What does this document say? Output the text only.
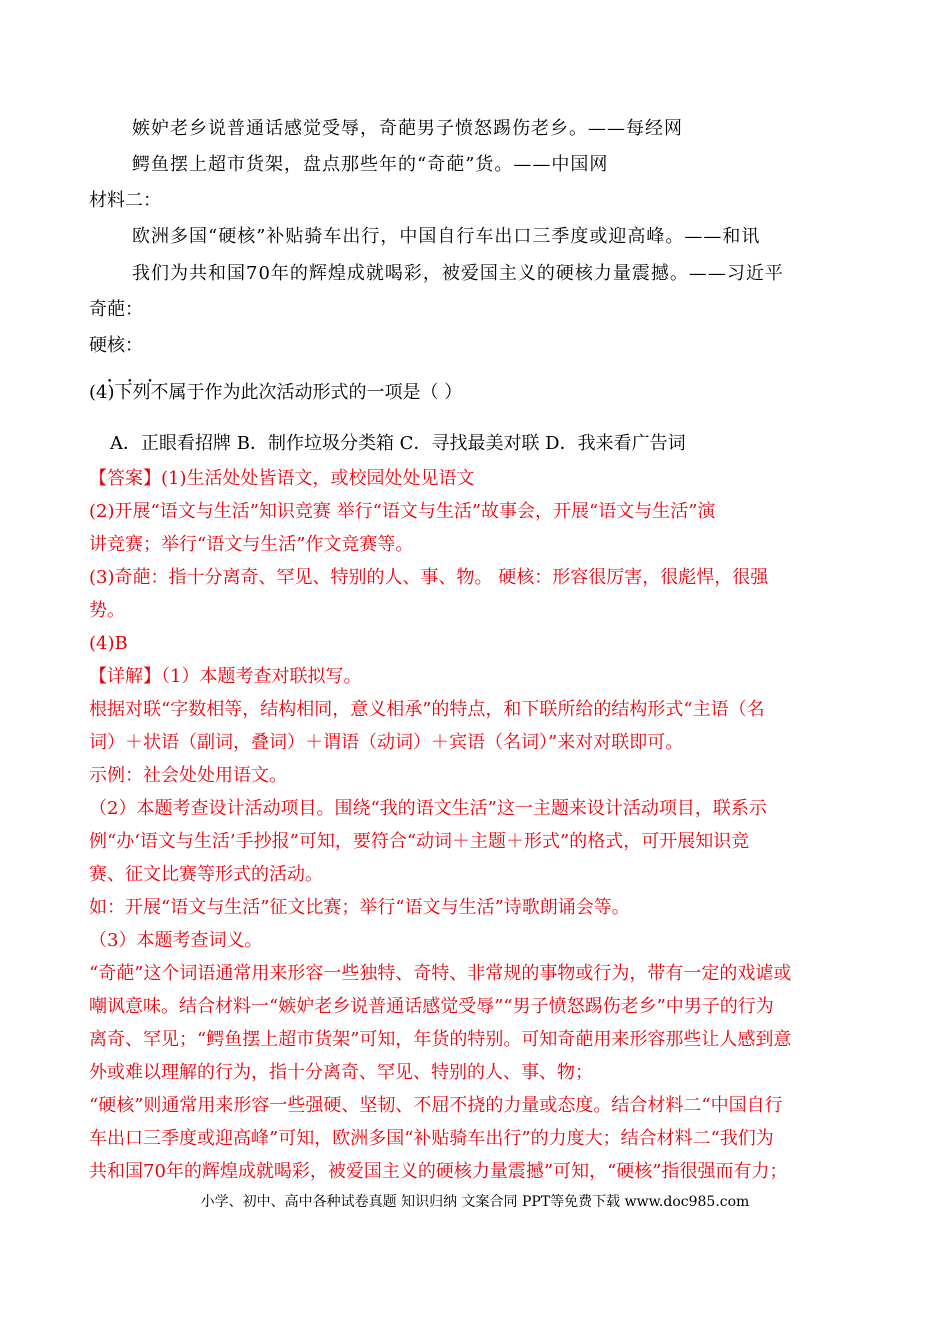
嫉妒老乡说普通话感觉受辱，奇葩男子愤怒踢伤老乡。——每经网
鳄鱼摆上超市货架，盘点那些年的“奇葩”货。——中国网
材料二：
欧洲多国“硬核”补贴骑车出行，中国自行车出口三季度或迎高峰。——和讯
我们为共和国70年的辉煌成就喝彩，被爱国主义的硬核力量震撼。——习近平
奇葩：
硬核：
(4)下列不属于作为此次活动形式的一项是（ ）
A．正眼看招牌 B．制作垃圾分类箱 C．寻找最美对联 D．我来看广告词
【答案】(1)生活处处皆语文，或校园处处见语文
(2)开展“语文与生活”知识竞赛 举行“语文与生活”故事会，开展“语文与生活”演
讲竞赛；举行“语文与生活”作文竞赛等。
(3)奇葩：指十分离奇、罕见、特别的人、事、物。 硬核：形容很厉害，很彪悍，很强
势。
(4)B
【详解】（1）本题考查对联拟写。
根据对联“字数相等，结构相同，意义相承”的特点，和下联所给的结构形式“主语（名
词）＋状语（副词，叠词）＋谓语（动词）＋宾语（名词）”来对对联即可。
示例：社会处处用语文。
（2）本题考查设计活动项目。围绕“我的语文生活”这一主题来设计活动项目，联系示
例“办‘语文与生活’手抄报”可知，要符合“动词＋主题＋形式”的格式，可开展知识竞
赛、征文比赛等形式的活动。
如：开展“语文与生活”征文比赛；举行“语文与生活”诗歌朗诵会等。
（3）本题考查词义。
“奇葩”这个词语通常用来形容一些独特、奇特、非常规的事物或行为，带有一定的戏谑或
嘲讽意味。结合材料一“嫉妒老乡说普通话感觉受辱”“男子愤怒踢伤老乡”中男子的行为
离奇、罕见；“鳄鱼摆上超市货架”可知，年货的特别。可知奇葩用来形容那些让人感到意
外或难以理解的行为，指十分离奇、罕见、特别的人、事、物；
“硬核”则通常用来形容一些强硬、坚韧、不屈不挠的力量或态度。结合材料二“中国自行
车出口三季度或迎高峰”可知，欧洲多国“补贴骑车出行”的力度大；结合材料二“我们为
共和国70年的辉煌成就喝彩，被爱国主义的硬核力量震撼”可知，“硬核”指很强而有力；
小学、初中、高中各种试卷真题 知识归纳 文案合同 PPT等免费下载 www.doc985.com
